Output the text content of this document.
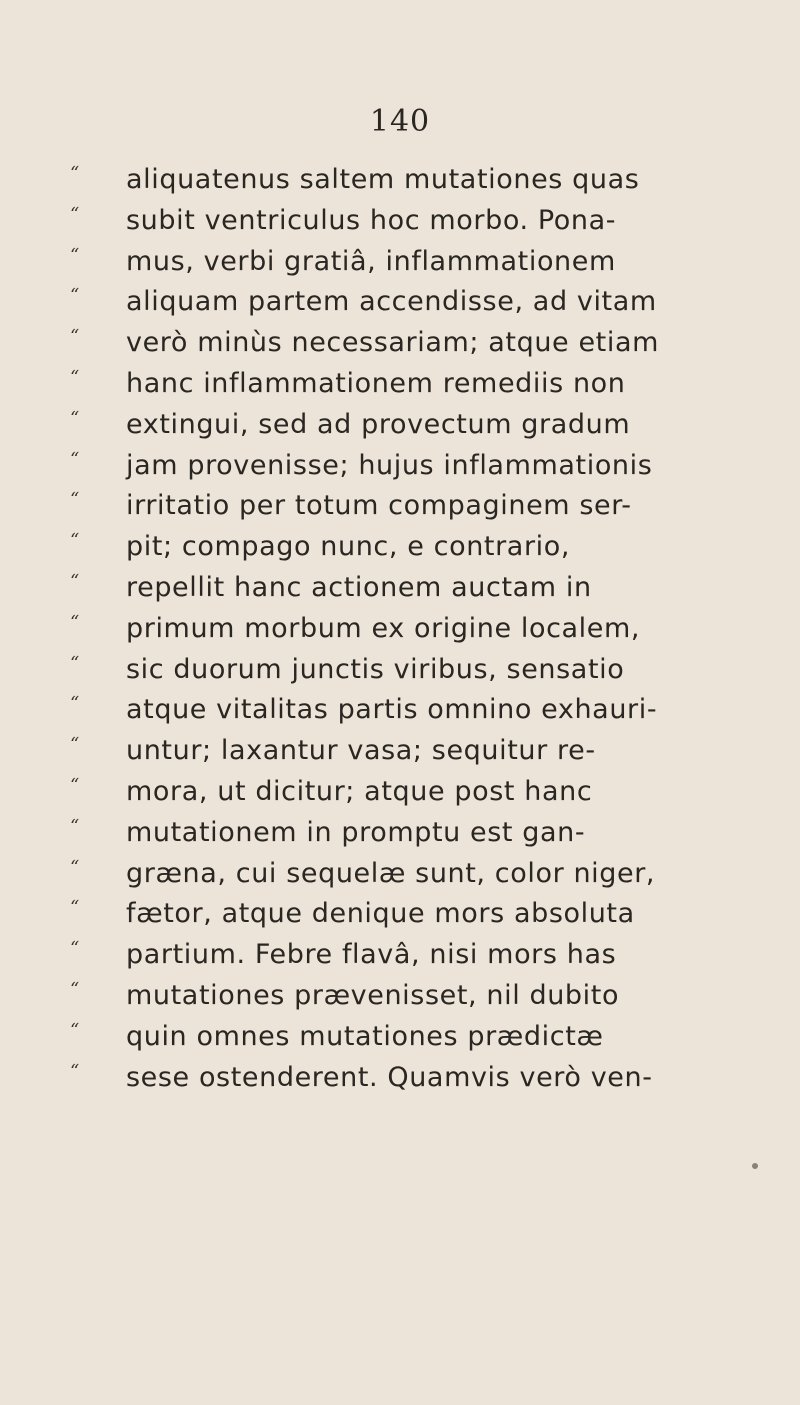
140
“ aliquatenus saltem mutationes quas
“ subit ventriculus hoc morbo. Pona-
“ mus, verbi gratiâ, inflammationem
“ aliquam partem accendisse, ad vitam
“ verò minùs necessariam; atque etiam
“ hanc inflammationem remediis non
“ extingui, sed ad provectum gradum
“ jam provenisse; hujus inflammationis
“ irritatio per totum compaginem ser-
“ pit; compago nunc, e contrario,
“ repellit hanc actionem auctam in
“ primum morbum ex origine localem,
“ sic duorum junctis viribus, sensatio
“ atque vitalitas partis omnino exhauri-
“ untur; laxantur vasa; sequitur re-
“ mora, ut dicitur; atque post hanc
“ mutationem in promptu est gan-
“ græna, cui sequelæ sunt, color niger,
“ fætor, atque denique mors absoluta
“ partium. Febre flavâ, nisi mors has
“ mutationes prævenisset, nil dubito
“ quin omnes mutationes prædictæ
“ sese ostenderent. Quamvis verò ven-
